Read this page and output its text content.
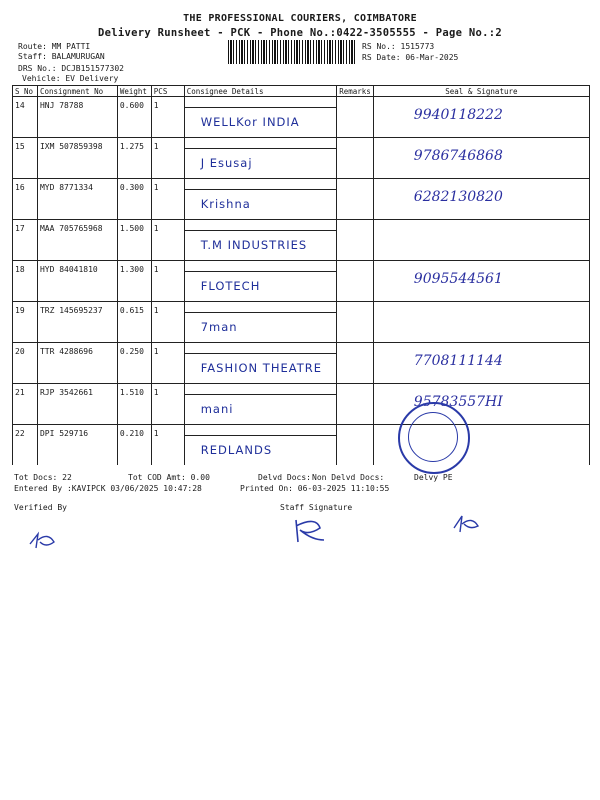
THE PROFESSIONAL COURIERS, COIMBATORE
Delivery Runsheet - PCK - Phone No.:0422-3505555 - Page No.:2
Route: MM PATTI
Staff: BALAMURUGAN
DRS No.: DCJB15157730​2
Vehicle: EV Delivery
RS No.: 1515773
RS Date: 06-Mar-2025
S No	Consignment No	Weight	PCS	Consignee Details	Remarks	Seal & Signature
14	HNJ 78788	0.600	1	WELLKor INDIA		9940118222

15	IXM 507859398	1.275	1	J Esusaj		9786746868

16	MYD 8771334	0.300	1	Krishna		6282130820

17	MAA 705765968	1.500	1	T.M INDUSTRIES		

18	HYD 84041810	1.300	1	FLOTECH		9095544561

19	TRZ 145695237	0.615	1	7man		

20	TTR 4288696	0.250	1	FASHION THEATRE		7708111144

21	RJP 3542661	1.510	1	mani		95783557HI

22	DPI 529716	0.210	1	REDLANDS		

Tot Docs: 22	Tot COD Amt: 0.00	Delvd Docs: Non Delvd Docs:	Delvy PE
Entered By :KAVIPCK 03/06/2025 10:47:28	Printed On: 06-03-2025 11:10:55
Verified By	Staff Signature
